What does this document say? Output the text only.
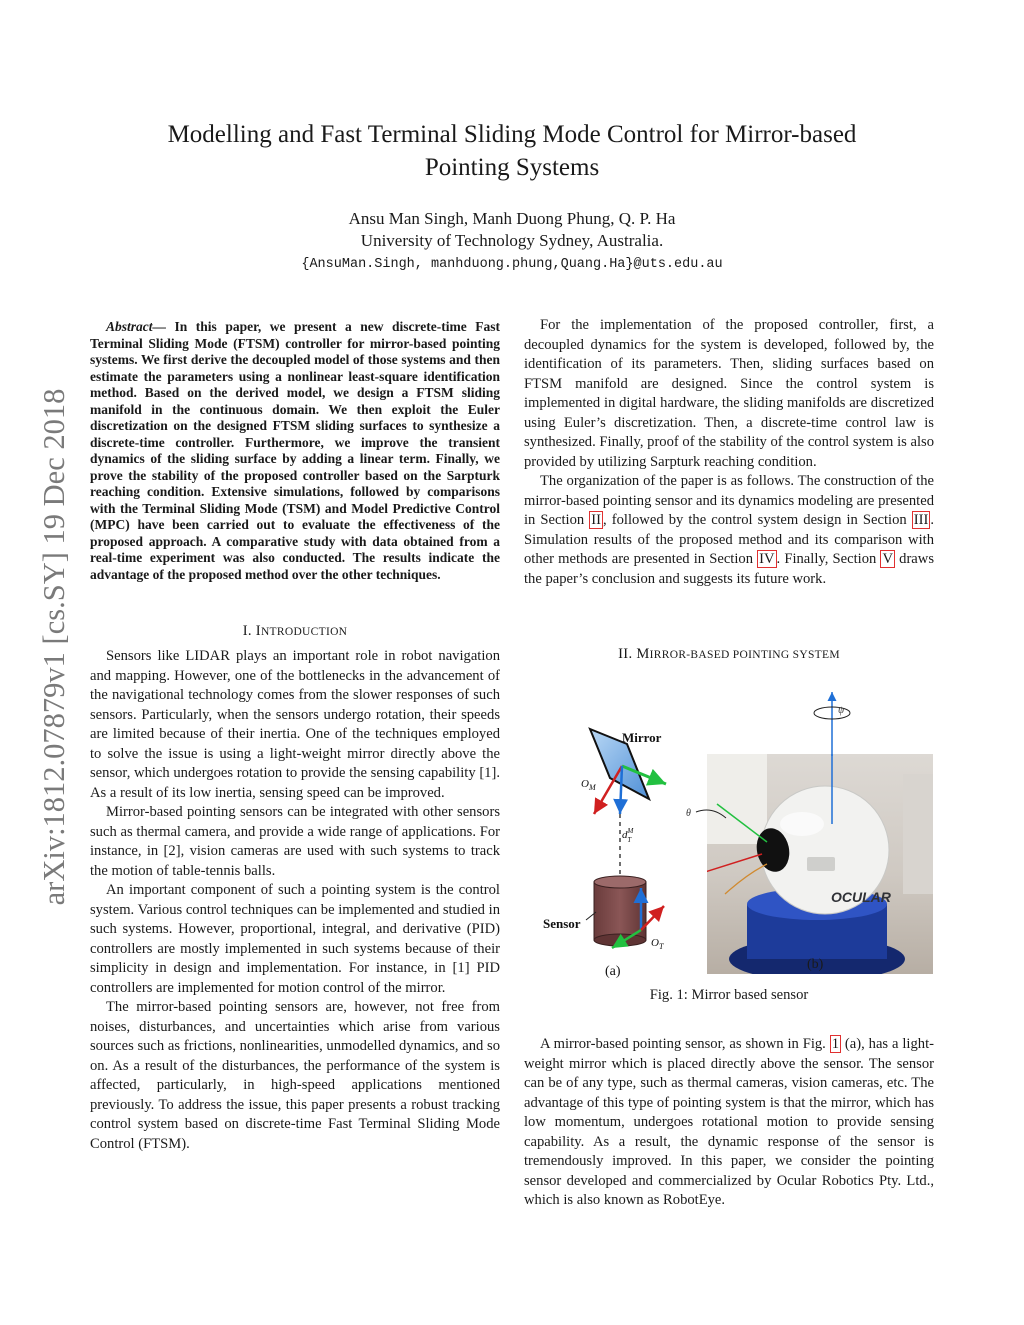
Modelling and Fast Terminal Sliding Mode Control for Mirror-based
Pointing Systems
Ansu Man Singh, Manh Duong Phung, Q. P. Ha
University of Technology Sydney, Australia.
{AnsuMan.Singh, manhduong.phung,Quang.Ha}@uts.edu.au
arXiv:1812.07879v1 [cs.SY] 19 Dec 2018
Abstract— In this paper, we present a new discrete-time Fast Terminal Sliding Mode (FTSM) controller for mirror-based pointing systems. We first derive the decoupled model of those systems and then estimate the parameters using a nonlinear least-square identification method. Based on the derived model, we design a FTSM sliding manifold in the continuous domain. We then exploit the Euler discretization on the designed FTSM sliding surfaces to synthesize a discrete-time controller. Furthermore, we improve the transient dynamics of the sliding surface by adding a linear term. Finally, we prove the stability of the proposed controller based on the Sarpturk reaching condition. Extensive simulations, followed by comparisons with the Terminal Sliding Mode (TSM) and Model Predictive Control (MPC) have been carried out to evaluate the effectiveness of the proposed approach. A comparative study with data obtained from a real-time experiment was also conducted. The results indicate the advantage of the proposed method over the other techniques.
I. INTRODUCTION

Sensors like LIDAR plays an important role in robot navigation and mapping. However, one of the bottlenecks in the advancement of the navigational technology comes from the slower responses of such sensors. Particularly, when the sensors undergo rotation, their speeds are limited because of their inertia. One of the techniques employed to solve the issue is using a light-weight mirror directly above the sensor, which undergoes rotation to provide the sensing capability [1]. As a result of its low inertia, sensing speed can be improved.

Mirror-based pointing sensors can be integrated with other sensors such as thermal camera, and provide a wide range of applications. For instance, in [2], vision cameras are used with such systems to track the motion of table-tennis balls.

An important component of such a pointing system is the control system. Various control techniques can be implemented and studied in such systems. However, proportional, integral, and derivative (PID) controllers are mostly implemented in such systems because of their simplicity in design and implementation. For instance, in [1] PID controllers are implemented for motion control of the mirror.

The mirror-based pointing sensors are, however, not free from noises, disturbances, and uncertainties which arise from various sources such as frictions, nonlinearities, unmodelled dynamics, and so on. As a result of the disturbances, the performance of the system is affected, particularly, in high-speed applications mentioned previously. To address the issue, this paper presents a robust tracking control system based on discrete-time Fast Terminal Sliding Mode Control (FTSM).

For the implementation of the proposed controller, first, a decoupled dynamics for the system is developed, followed by, the identification of its parameters. Then, sliding surfaces based on FTSM manifold are designed. Since the control system is implemented in digital hardware, the sliding manifolds are discretized using Euler’s discretization. Then, a discrete-time control law is synthesized. Finally, proof of the stability of the control system is also provided by utilizing Sarpturk reaching condition.

The organization of the paper is as follows. The construction of the mirror-based pointing sensor and its dynamics modeling are presented in Section II , followed by the control system design in Section III . Simulation results of the proposed method and its comparison with other methods are presented in Section IV . Finally, Section V draws the paper’s conclusion and suggests its future work.

II. MIRROR-BASED POINTING SYSTEM
Mirror
Sensor
$O_M$
$O_T$
$d^M$ T
(a)
OCULAR
ψ
θ
(b)
Fig. 1: Mirror based sensor

A mirror-based pointing sensor, as shown in Fig. 1 (a), has a light-weight mirror which is placed directly above the sensor. The sensor can be of any type, such as thermal cameras, vision cameras, etc. The advantage of this type of pointing system is that the mirror, which has low momentum, undergoes rotational motion to provide sensing capability. As a result, the dynamic response of the sensor is tremendously improved. In this paper, we consider the pointing sensor developed and commercialized by Ocular Robotics Pty. Ltd., which is also known as RobotEye.
